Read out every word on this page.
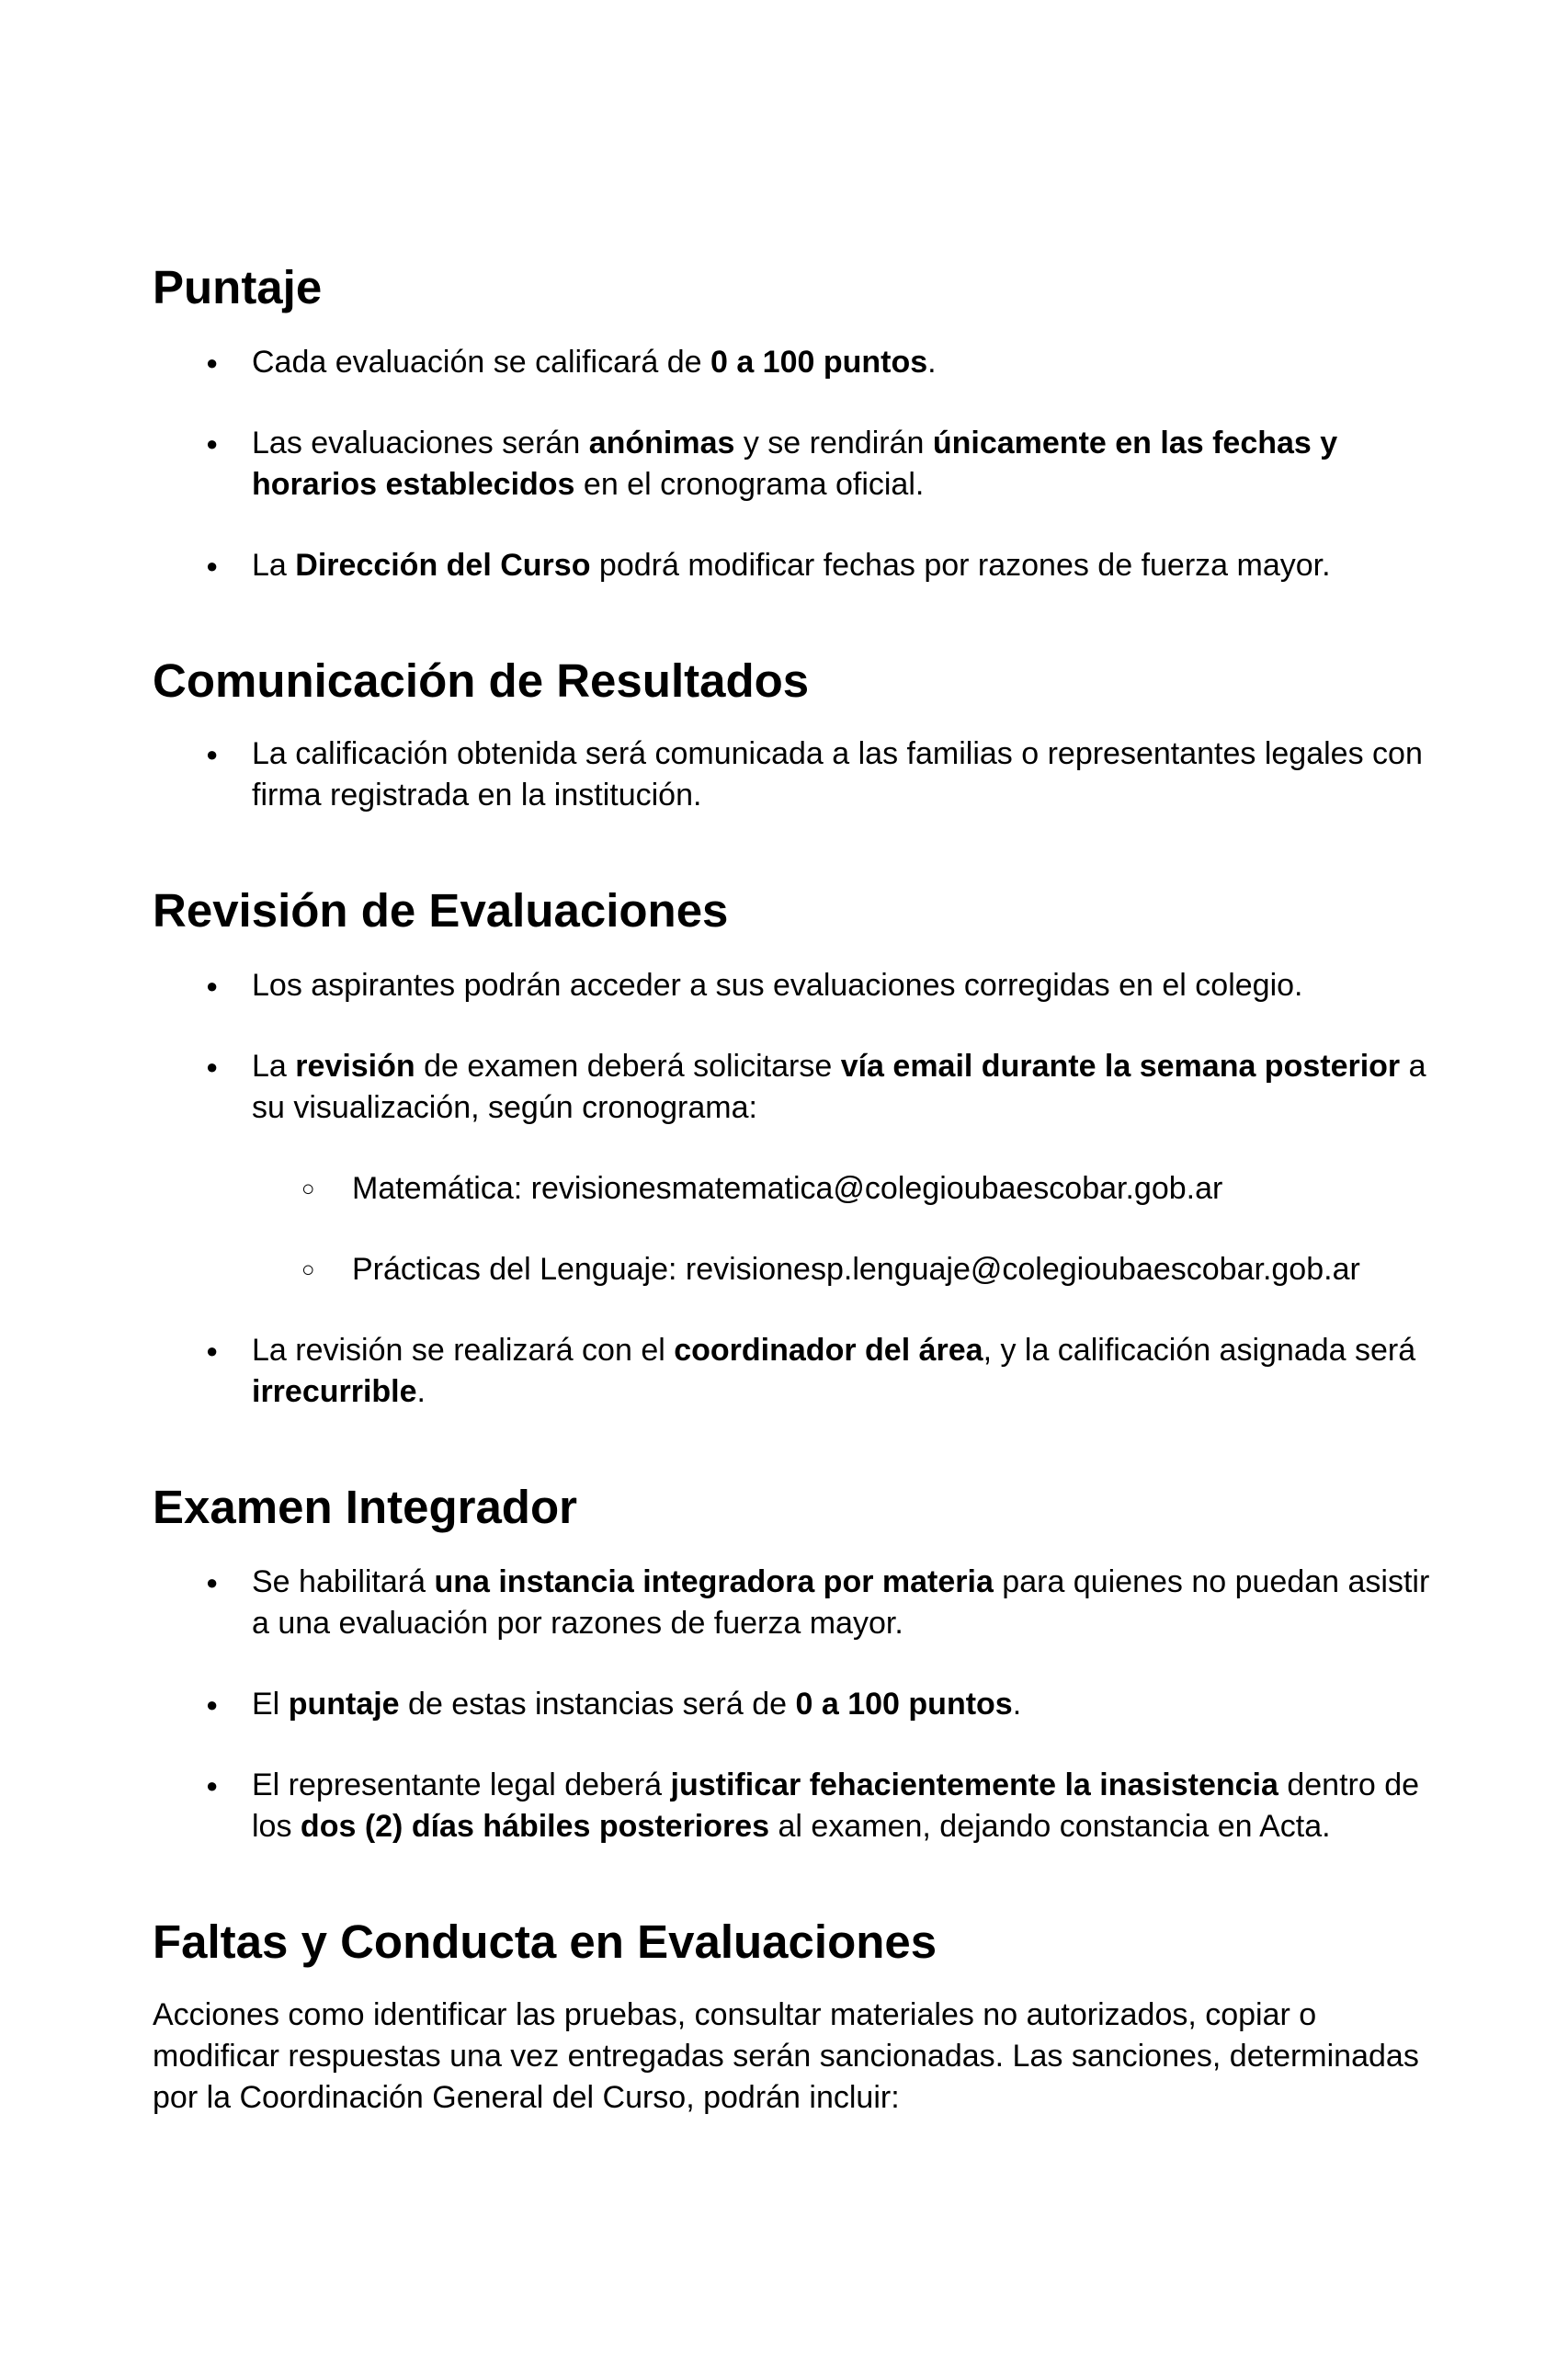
Puntaje
●	Cada evaluación se calificará de 0 a 100 puntos.
●	Las evaluaciones serán anónimas y se rendirán únicamente en las fechas y horarios establecidos en el cronograma oficial.
●	La Dirección del Curso podrá modificar fechas por razones de fuerza mayor.
Comunicación de Resultados
●	La calificación obtenida será comunicada a las familias o representantes legales con firma registrada en la institución.
Revisión de Evaluaciones
●	Los aspirantes podrán acceder a sus evaluaciones corregidas en el colegio.
●	La revisión de examen deberá solicitarse vía email durante la semana posterior a su visualización, según cronograma:
○ Matemática: revisionesmatematica@colegioubaescobar.gob.ar
○ Prácticas del Lenguaje: revisionesp.lenguaje@colegioubaescobar.gob.ar
●	La revisión se realizará con el coordinador del área, y la calificación asignada será irrecurrible.
Examen Integrador
●	Se habilitará una instancia integradora por materia para quienes no puedan asistir a una evaluación por razones de fuerza mayor.
●	El puntaje de estas instancias será de 0 a 100 puntos.
●	El representante legal deberá justificar fehacientemente la inasistencia dentro de los dos (2) días hábiles posteriores al examen, dejando constancia en Acta.
Faltas y Conducta en Evaluaciones

Acciones como identificar las pruebas, consultar materiales no autorizados, copiar o modificar respuestas una vez entregadas serán sancionadas. Las sanciones, determinadas por la Coordinación General del Curso, podrán incluir:
